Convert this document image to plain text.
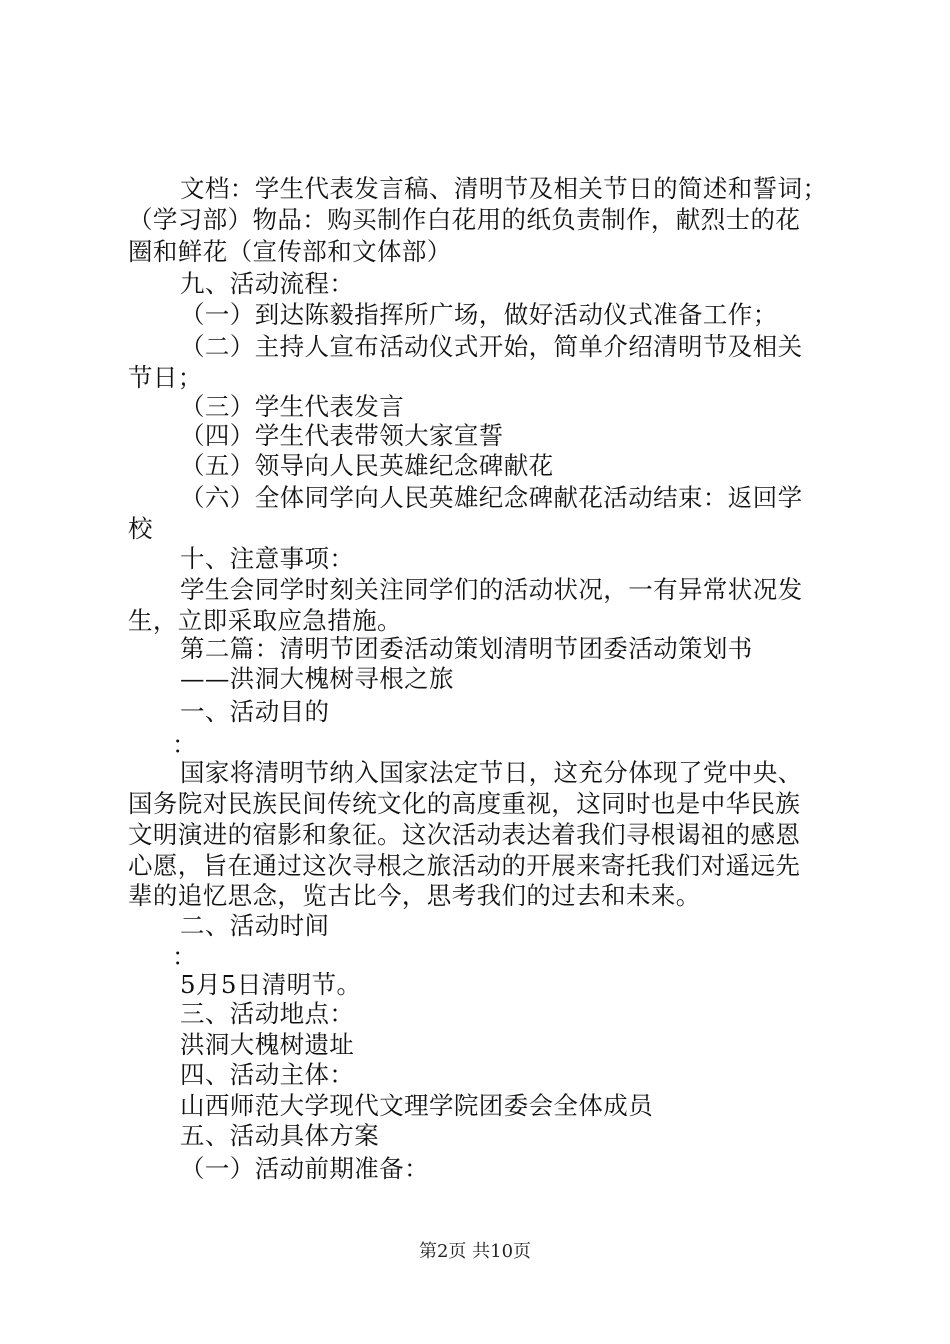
文档：学生代表发言稿、清明节及相关节日的简述和誓词；
（学习部）物品：购买制作白花用的纸负责制作，献烈士的花
圈和鲜花（宣传部和文体部）
九、活动流程：
（一）到达陈毅指挥所广场，做好活动仪式准备工作；
（二）主持人宣布活动仪式开始，简单介绍清明节及相关
节日；
（三）学生代表发言
（四）学生代表带领大家宣誓
（五）领导向人民英雄纪念碑献花
（六）全体同学向人民英雄纪念碑献花活动结束：返回学
校
十、注意事项：
学生会同学时刻关注同学们的活动状况，一有异常状况发
生，立即采取应急措施。
第二篇：清明节团委活动策划清明节团委活动策划书
——洪洞大槐树寻根之旅
一、活动目的
：
国家将清明节纳入国家法定节日，这充分体现了党中央、
国务院对民族民间传统文化的高度重视，这同时也是中华民族
文明演进的宿影和象征。这次活动表达着我们寻根谒祖的感恩
心愿，旨在通过这次寻根之旅活动的开展来寄托我们对遥远先
辈的追忆思念，览古比今，思考我们的过去和未来。
二、活动时间
：
5月5日清明节。
三、活动地点：
洪洞大槐树遗址
四、活动主体：
山西师范大学现代文理学院团委会全体成员
五、活动具体方案
（一）活动前期准备：
第2页 共10页
